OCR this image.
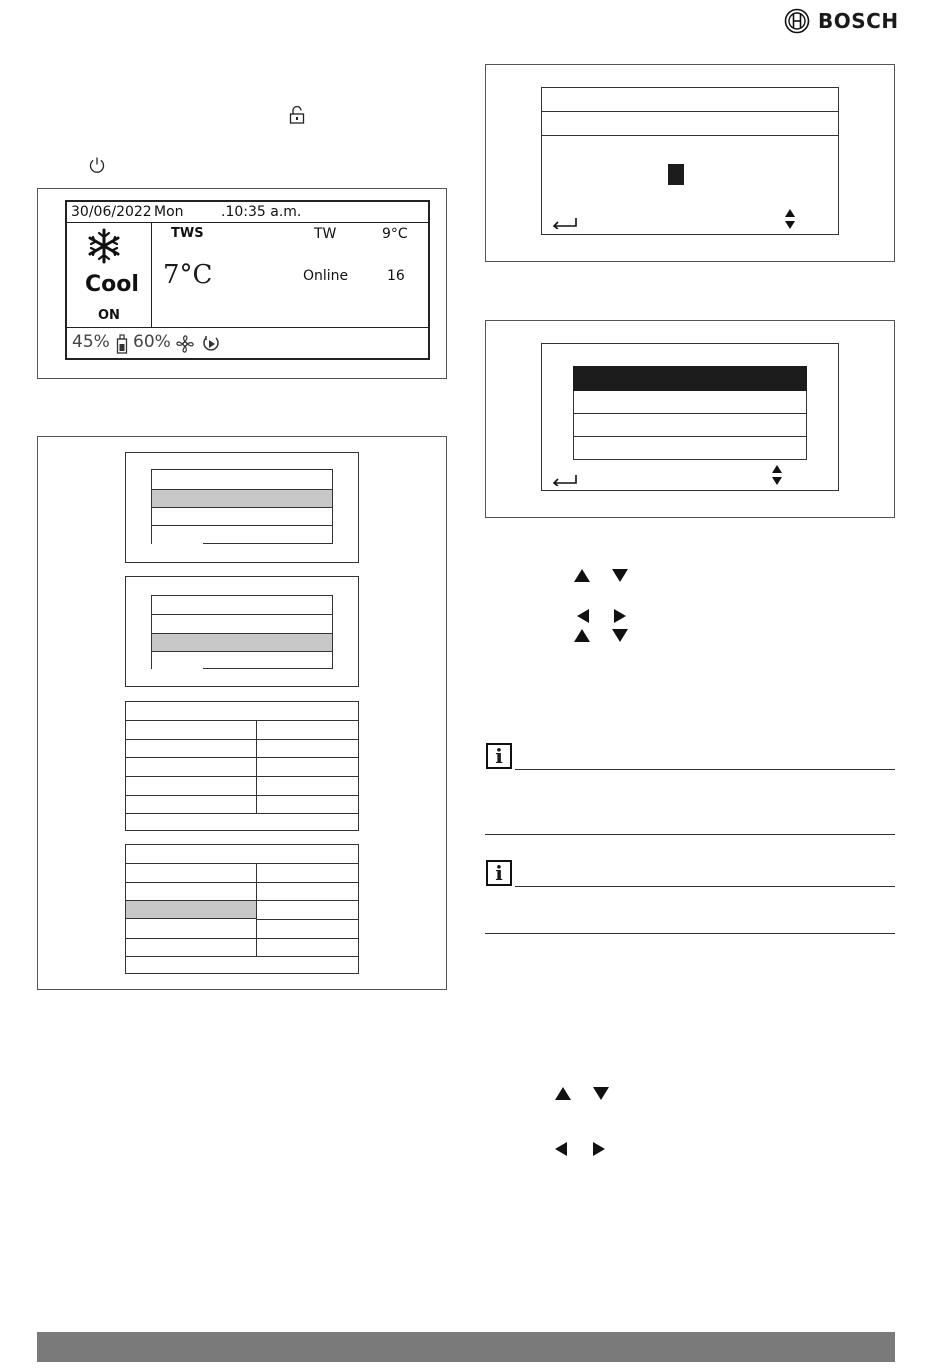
BOSCH
30/06/2022 Mon	.10:35 a.m.
Cool
ON
TWS
7°C
TW	9°C
Online	16
45% 60%
i
i
